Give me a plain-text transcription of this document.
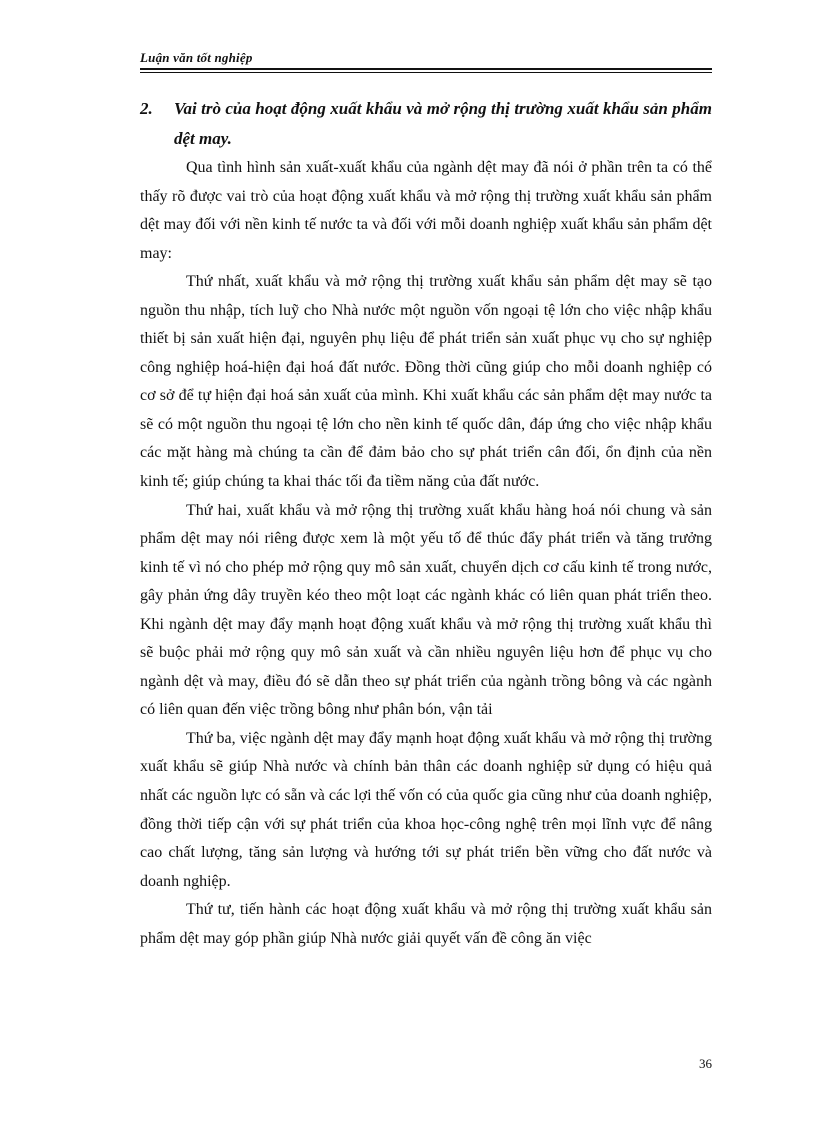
Luận văn tốt nghiệp

2. Vai trò của hoạt động xuất khẩu và mở rộng thị trường xuất khẩu sản phẩm dệt may.

Qua tình hình sản xuất-xuất khẩu của ngành dệt may đã nói ở phần trên ta có thể thấy rõ được vai trò của hoạt động xuất khẩu và mở rộng thị trường xuất khẩu sản phẩm dệt may đối với nền kinh tế nước ta và đối với mỗi doanh nghiệp xuất khẩu sản phẩm dệt may:

Thứ nhất, xuất khẩu và mở rộng thị trường xuất khẩu sản phẩm dệt may sẽ tạo nguồn thu nhập, tích luỹ cho Nhà nước một nguồn vốn ngoại tệ lớn cho việc nhập khẩu thiết bị sản xuất hiện đại, nguyên phụ liệu để phát triển sản xuất phục vụ cho sự nghiệp công nghiệp hoá-hiện đại hoá đất nước. Đồng thời cũng giúp cho mỗi doanh nghiệp có cơ sở để tự hiện đại hoá sản xuất của mình. Khi xuất khẩu các sản phẩm dệt may nước ta sẽ có một nguồn thu ngoại tệ lớn cho nền kinh tế quốc dân, đáp ứng cho việc nhập khẩu các mặt hàng mà chúng ta cần để đảm bảo cho sự phát triển cân đối, ổn định của nền kinh tế; giúp chúng ta khai thác tối đa tiềm năng của đất nước.

Thứ hai, xuất khẩu và mở rộng thị trường xuất khẩu hàng hoá nói chung và sản phẩm dệt may nói riêng được xem là một yếu tố để thúc đẩy phát triển và tăng trưởng kinh tế vì nó cho phép mở rộng quy mô sản xuất, chuyển dịch cơ cấu kinh tế trong nước, gây phản ứng dây truyền kéo theo một loạt các ngành khác có liên quan phát triển theo. Khi ngành dệt may đẩy mạnh hoạt động xuất khẩu và mở rộng thị trường xuất khẩu thì sẽ buộc phải mở rộng quy mô sản xuất và cần nhiều nguyên liệu hơn để phục vụ cho ngành dệt và may, điều đó sẽ dẫn theo sự phát triển của ngành trồng bông và các ngành có liên quan đến việc trồng bông như phân bón, vận tải

Thứ ba, việc ngành dệt may đẩy mạnh hoạt động xuất khẩu và mở rộng thị trường xuất khẩu sẽ giúp Nhà nước và chính bản thân các doanh nghiệp sử dụng có hiệu quả nhất các nguồn lực có sẵn và các lợi thế vốn có của quốc gia cũng như của doanh nghiệp, đồng thời tiếp cận với sự phát triển của khoa học-công nghệ trên mọi lĩnh vực để nâng cao chất lượng, tăng sản lượng và hướng tới sự phát triển bền vững cho đất nước và doanh nghiệp.

Thứ tư, tiến hành các hoạt động xuất khẩu và mở rộng thị trường xuất khẩu sản phẩm dệt may góp phần giúp Nhà nước giải quyết vấn đề công ăn việc

36
